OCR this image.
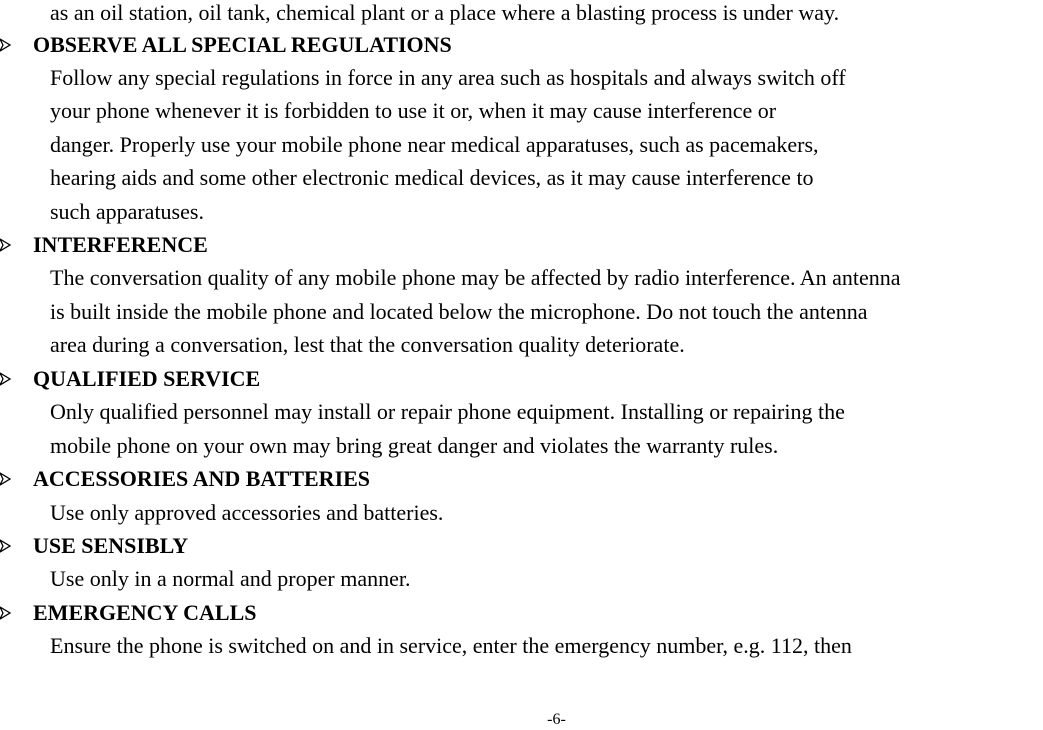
as an oil station, oil tank, chemical plant or a place where a blasting process is under way.
OBSERVE ALL SPECIAL REGULATIONS
Follow any special regulations in force in any area such as hospitals and always switch off
your phone whenever it is forbidden to use it or, when it may cause interference or
danger. Properly use your mobile phone near medical apparatuses, such as pacemakers,
hearing aids and some other electronic medical devices, as it may cause interference to
such apparatuses.
INTERFERENCE
The conversation quality of any mobile phone may be affected by radio interference. An antenna
is built inside the mobile phone and located below the microphone. Do not touch the antenna
area during a conversation, lest that the conversation quality deteriorate.
QUALIFIED SERVICE
Only qualified personnel may install or repair phone equipment. Installing or repairing the
mobile phone on your own may bring great danger and violates the warranty rules.
ACCESSORIES AND BATTERIES
Use only approved accessories and batteries.
USE SENSIBLY
Use only in a normal and proper manner.
EMERGENCY CALLS
Ensure the phone is switched on and in service, enter the emergency number, e.g. 112, then
-6-
